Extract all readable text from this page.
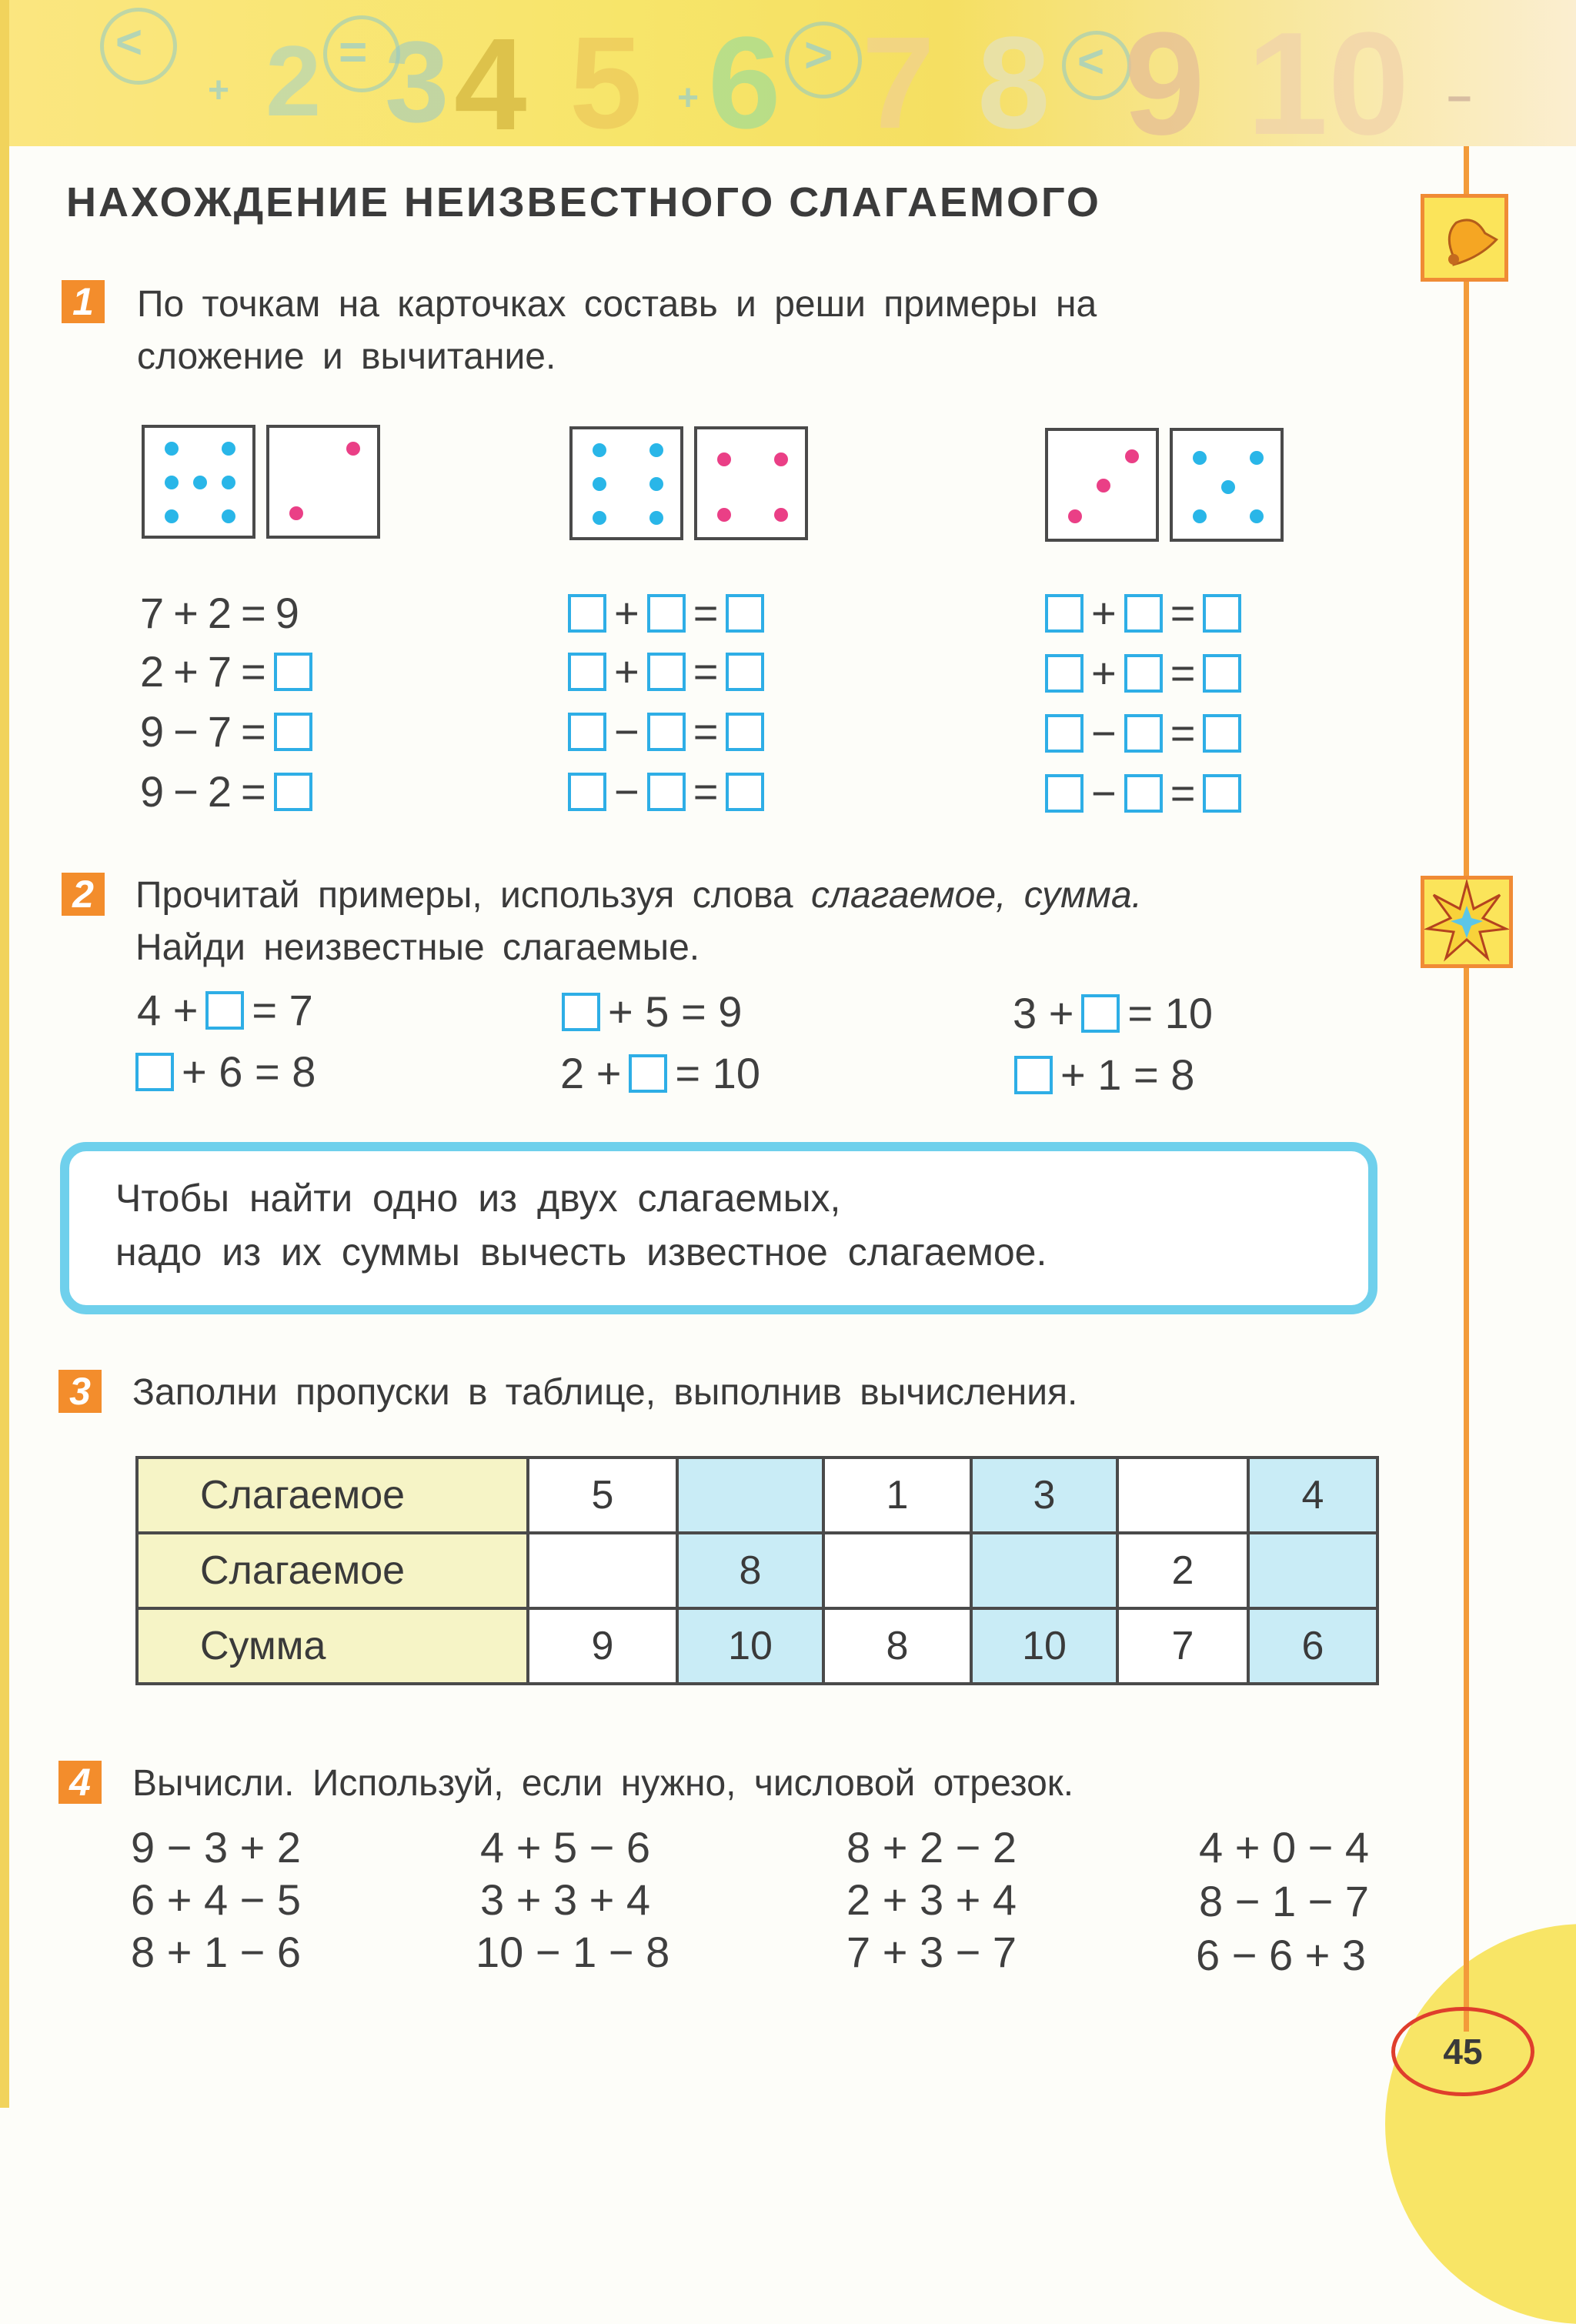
<
+
=	>	<
+	−
2 3 4 5 6 7 8 9 10
45
НАХОЖДЕНИЕ НЕИЗВЕСТНОГО СЛАГАЕМОГО
1 По точкам на карточках составь и реши примеры на
сложение и вычитание.
7 + 2 = 9
2 + 7 =
9 − 7 =
9 − 2 =
+ =
+ =
− =
− =
+ =
+ =
− =
− =
2 Прочитай примеры, используя слова слагаемое, сумма.
Найди неизвестные слагаемые.
4 + = 7
+ 6 = 8
+ 5 = 9
2 + = 10
3 + = 10
+ 1 = 8
Чтобы найти одно из двух слагаемых,
надо из их суммы вычесть известное слагаемое.
3 Заполни пропуски в таблице, выполнив вычисления.
Слагаемое	5		1	3		4
Слагаемое		8			2	
Сумма	9	10	8	10	7	6
4 Вычисли. Используй, если нужно, числовой отрезок.
9 − 3 + 2
6 + 4 − 5
8 + 1 − 6
4 + 5 − 6
3 + 3 + 4
10 − 1 − 8
8 + 2 − 2
2 + 3 + 4
7 + 3 − 7
4 + 0 − 4
8 − 1 − 7
6 − 6 + 3
